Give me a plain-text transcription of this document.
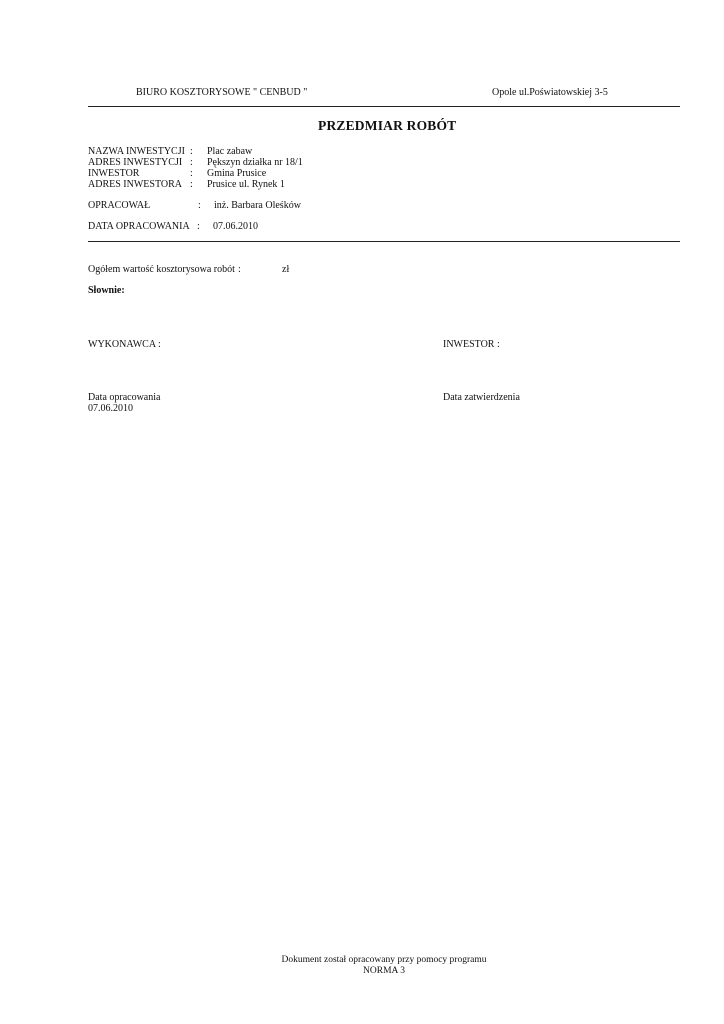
BIURO KOSZTORYSOWE " CENBUD "	Opole ul.Poświatowskiej 3-5
PRZEDMIAR ROBÓT
NAZWA INWESTYCJI : Plac zabaw
ADRES INWESTYCJI : Pększyn działka nr 18/1
INWESTOR	: Gmina Prusice
ADRES INWESTORA : Prusice ul. Rynek 1
OPRACOWAŁ	: inż. Barbara Oleśków
DATA OPRACOWANIA : 07.06.2010
Ogółem wartość kosztorysowa robót :	zł
Słownie:
WYKONAWCA :	INWESTOR :
Data opracowania
07.06.2010
Data zatwierdzenia
Dokument został opracowany przy pomocy programu
NORMA 3
